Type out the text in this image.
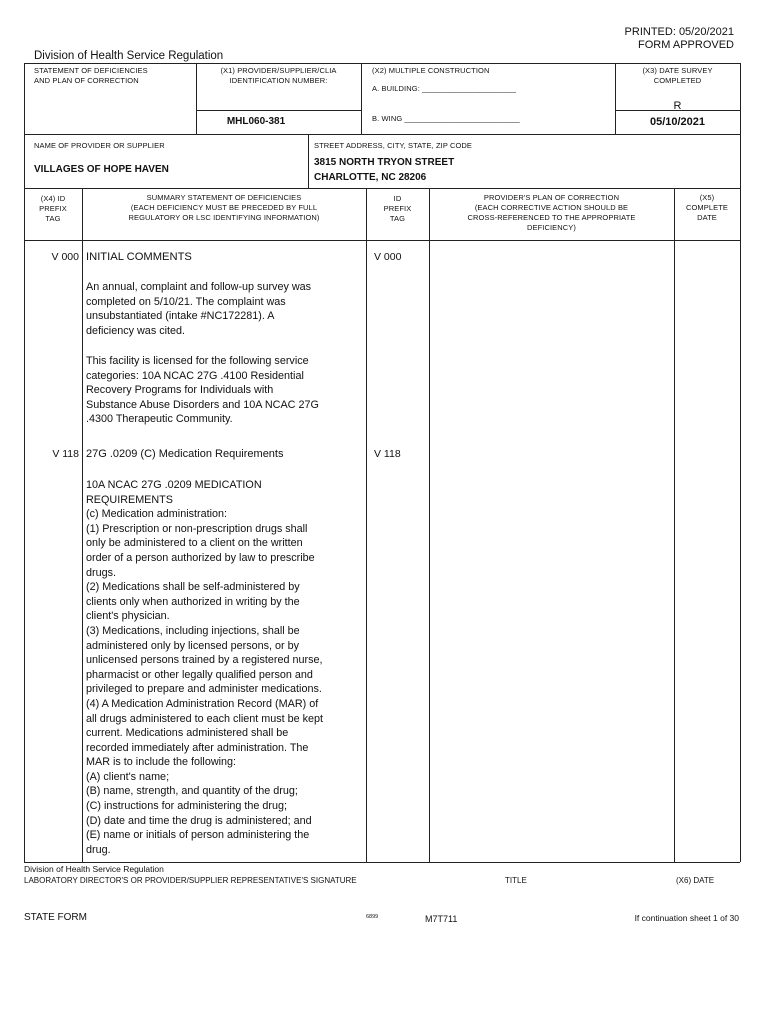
PRINTED: 05/20/2021
FORM APPROVED
Division of Health Service Regulation
STATEMENT OF DEFICIENCIES
AND PLAN OF CORRECTION
(X1) PROVIDER/SUPPLIER/CLIA
IDENTIFICATION NUMBER:
MHL060-381
(X2) MULTIPLE CONSTRUCTION
A. BUILDING: ______________________
B. WING ___________________________
(X3) DATE SURVEY
COMPLETED
R
05/10/2021
NAME OF PROVIDER OR SUPPLIER
VILLAGES OF HOPE HAVEN
STREET ADDRESS, CITY, STATE, ZIP CODE
3815 NORTH TRYON STREET
CHARLOTTE, NC 28206
(X4) ID
PREFIX
TAG
SUMMARY STATEMENT OF DEFICIENCIES
(EACH DEFICIENCY MUST BE PRECEDED BY FULL
REGULATORY OR LSC IDENTIFYING INFORMATION)
ID
PREFIX
TAG
PROVIDER'S PLAN OF CORRECTION
(EACH CORRECTIVE ACTION SHOULD BE
CROSS-REFERENCED TO THE APPROPRIATE
DEFICIENCY)
(X5)
COMPLETE
DATE
V 000 INITIAL COMMENTS	V 000

An annual, complaint and follow-up survey was

completed on 5/10/21. The complaint was

unsubstantiated (intake #NC172281). A

deficiency was cited.

This facility is licensed for the following service

categories: 10A NCAC 27G .4100 Residential

Recovery Programs for Individuals with

Substance Abuse Disorders and 10A NCAC 27G

.4300 Therapeutic Community.

V 118 27G .0209 (C) Medication Requirements	V 118

10A NCAC 27G .0209 MEDICATION

REQUIREMENTS

(c) Medication administration:

(1) Prescription or non-prescription drugs shall

only be administered to a client on the written

order of a person authorized by law to prescribe

drugs.

(2) Medications shall be self-administered by

clients only when authorized in writing by the

client's physician.

(3) Medications, including injections, shall be

administered only by licensed persons, or by

unlicensed persons trained by a registered nurse,

pharmacist or other legally qualified person and

privileged to prepare and administer medications.

(4) A Medication Administration Record (MAR) of

all drugs administered to each client must be kept

current. Medications administered shall be

recorded immediately after administration. The

MAR is to include the following:

(A) client's name;

(B) name, strength, and quantity of the drug;

(C) instructions for administering the drug;

(D) date and time the drug is administered; and

(E) name or initials of person administering the

drug.

Division of Health Service Regulation
LABORATORY DIRECTOR'S OR PROVIDER/SUPPLIER REPRESENTATIVE'S SIGNATURE	TITLE	(X6) DATE
STATE FORM	6899	M7T711	If continuation sheet 1 of 30
